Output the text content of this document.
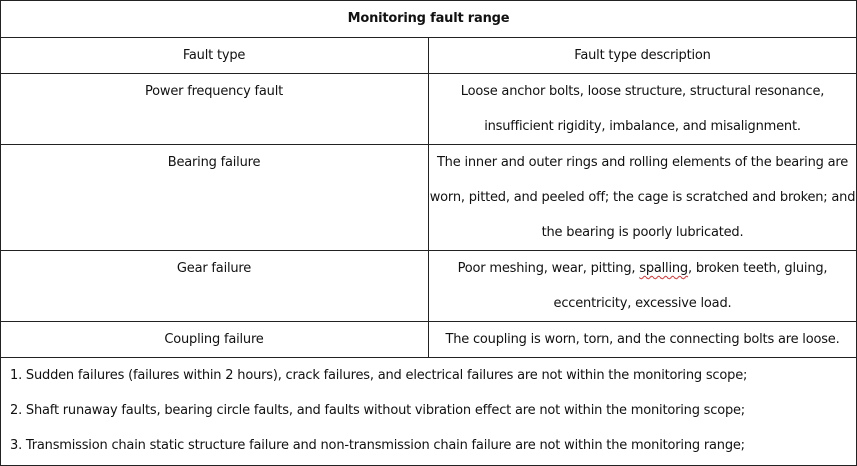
Monitoring fault range
Fault type	Fault type description
Power frequency fault	Loose anchor bolts, loose structure, structural resonance,
insufficient rigidity, imbalance, and misalignment.
Bearing failure	The inner and outer rings and rolling elements of the bearing are
worn, pitted, and peeled off; the cage is scratched and broken; and
the bearing is poorly lubricated.
Gear failure	Poor meshing, wear, pitting, spalling, broken teeth, gluing,
eccentricity, excessive load.
Coupling failure	The coupling is worn, torn, and the connecting bolts are loose.
1. Sudden failures (failures within 2 hours), crack failures, and electrical failures are not within the monitoring scope;
2. Shaft runaway faults, bearing circle faults, and faults without vibration effect are not within the monitoring scope;
3. Transmission chain static structure failure and non-transmission chain failure are not within the monitoring range;
